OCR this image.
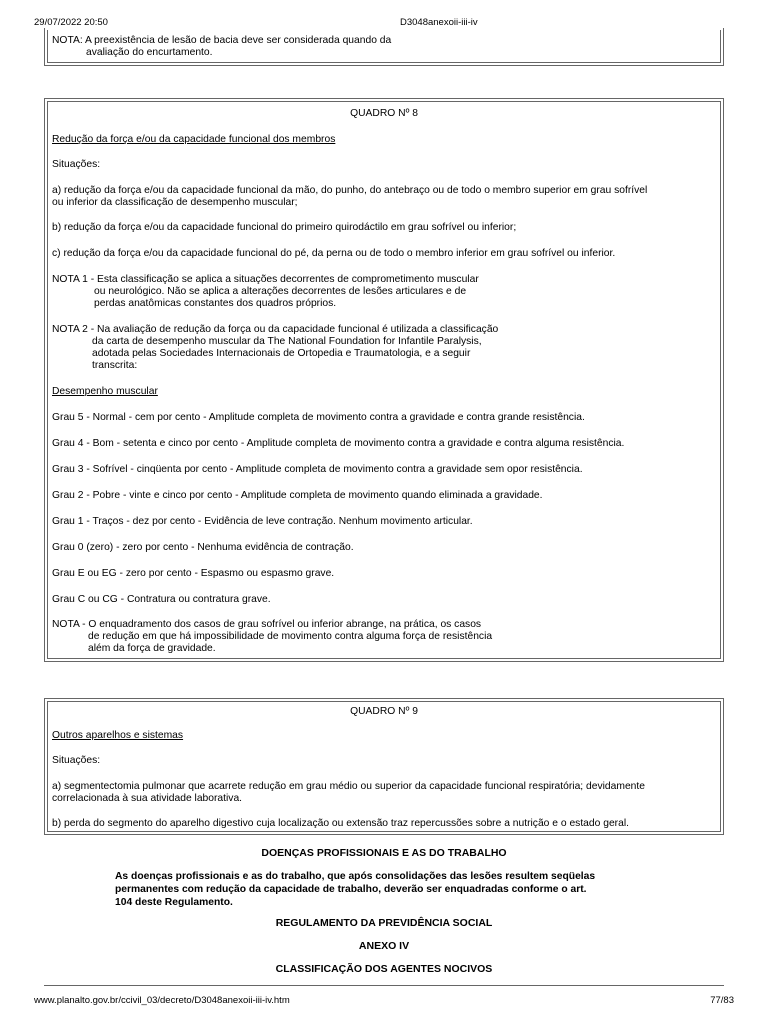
29/07/2022 20:50	D3048anexoii-iii-iv
NOTA: A preexistência de lesão de bacia deve ser considerada quando da
avaliação do encurtamento.
QUADRO Nº 8
Redução da força e/ou da capacidade funcional dos membros
Situações:
a) redução da força e/ou da capacidade funcional da mão, do punho, do antebraço ou de todo o membro superior em grau sofrível
ou inferior da classificação de desempenho muscular;
b) redução da força e/ou da capacidade funcional do primeiro quirodáctilo em grau sofrível ou inferior;
c) redução da força e/ou da capacidade funcional do pé, da perna ou de todo o membro inferior em grau sofrível ou inferior.
NOTA 1 - Esta classificação se aplica a situações decorrentes de comprometimento muscular
ou neurológico. Não se aplica a alterações decorrentes de lesões articulares e de
perdas anatômicas constantes dos quadros próprios.
NOTA 2 - Na avaliação de redução da força ou da capacidade funcional é utilizada a classificação
da carta de desempenho muscular da The National Foundation for Infantile Paralysis,
adotada pelas Sociedades Internacionais de Ortopedia e Traumatologia, e a seguir
transcrita:
Desempenho muscular
Grau 5 - Normal - cem por cento - Amplitude completa de movimento contra a gravidade e contra grande resistência.
Grau 4 - Bom - setenta e cinco por cento - Amplitude completa de movimento contra a gravidade e contra alguma resistência.
Grau 3 - Sofrível - cinqüenta por cento - Amplitude completa de movimento contra a gravidade sem opor resistência.
Grau 2 - Pobre - vinte e cinco por cento - Amplitude completa de movimento quando eliminada a gravidade.
Grau 1 - Traços - dez por cento - Evidência de leve contração. Nenhum movimento articular.
Grau 0 (zero) - zero por cento - Nenhuma evidência de contração.
Grau E ou EG - zero por cento - Espasmo ou espasmo grave.
Grau C ou CG - Contratura ou contratura grave.
NOTA - O enquadramento dos casos de grau sofrível ou inferior abrange, na prática, os casos
de redução em que há impossibilidade de movimento contra alguma força de resistência
além da força de gravidade.
QUADRO Nº 9
Outros aparelhos e sistemas
Situações:
a) segmentectomia pulmonar que acarrete redução em grau médio ou superior da capacidade funcional respiratória; devidamente
correlacionada à sua atividade laborativa.
b) perda do segmento do aparelho digestivo cuja localização ou extensão traz repercussões sobre a nutrição e o estado geral.
DOENÇAS PROFISSIONAIS E AS DO TRABALHO
As doenças profissionais e as do trabalho, que após consolidações das lesões resultem seqüelas
permanentes com redução da capacidade de trabalho, deverão ser enquadradas conforme o art.
104 deste Regulamento.
REGULAMENTO DA PREVIDÊNCIA SOCIAL
ANEXO IV
CLASSIFICAÇÃO DOS AGENTES NOCIVOS
www.planalto.gov.br/ccivil_03/decreto/D3048anexoii-iii-iv.htm	77/83
